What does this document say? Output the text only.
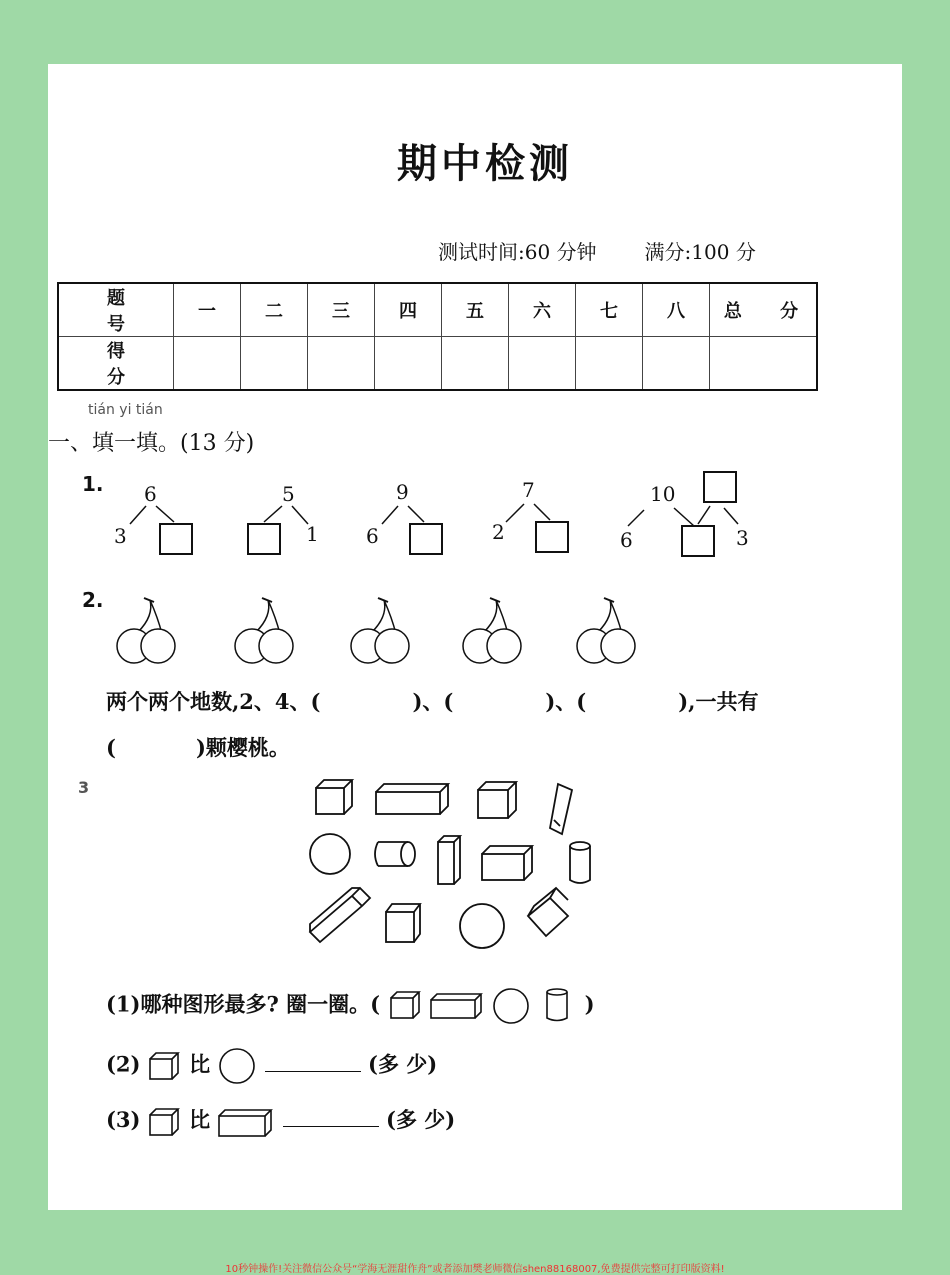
期中检测
测试时间:60 分钟 满分:100 分
题 号	一	二	三	四	五	六	七	八	总 分
得 分									
tián yi tián
一、填一填。(13 分)
1. 6
3
5
1
9
6
7
2
10
6	3
2.
两个两个地数,2、4、(	)、(	)、(	),一共有
(	)颗樱桃。
3
(1)哪种图形最多? 圈一圈。(	)
(2) 比	(多 少)
(3) 比	(多 少)
10秒钟操作!关注微信公众号“学海无涯甜作舟”或者添加樊老师微信shen88168007,免费提供完整可打印版资料!
